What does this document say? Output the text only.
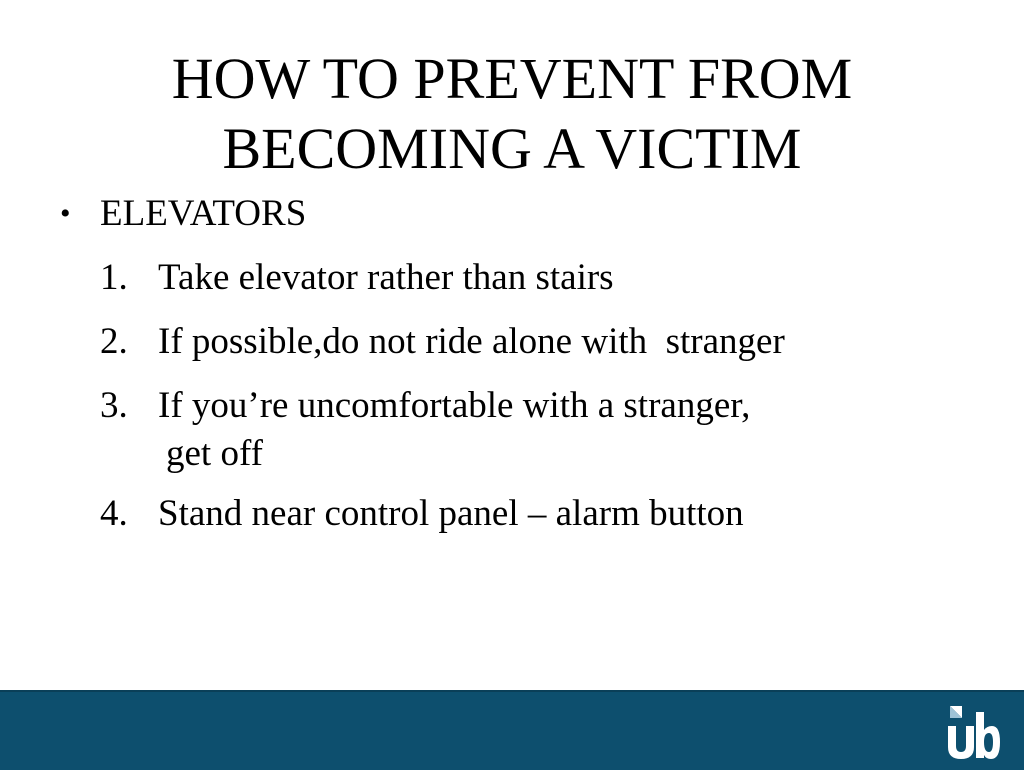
HOW TO PREVENT FROM
BECOMING A VICTIM
• ELEVATORS
1. Take elevator rather than stairs
2. If possible,do not ride alone with  stranger
3. If you’re uncomfortable with a stranger,
get off
4. Stand near control panel – alarm button
